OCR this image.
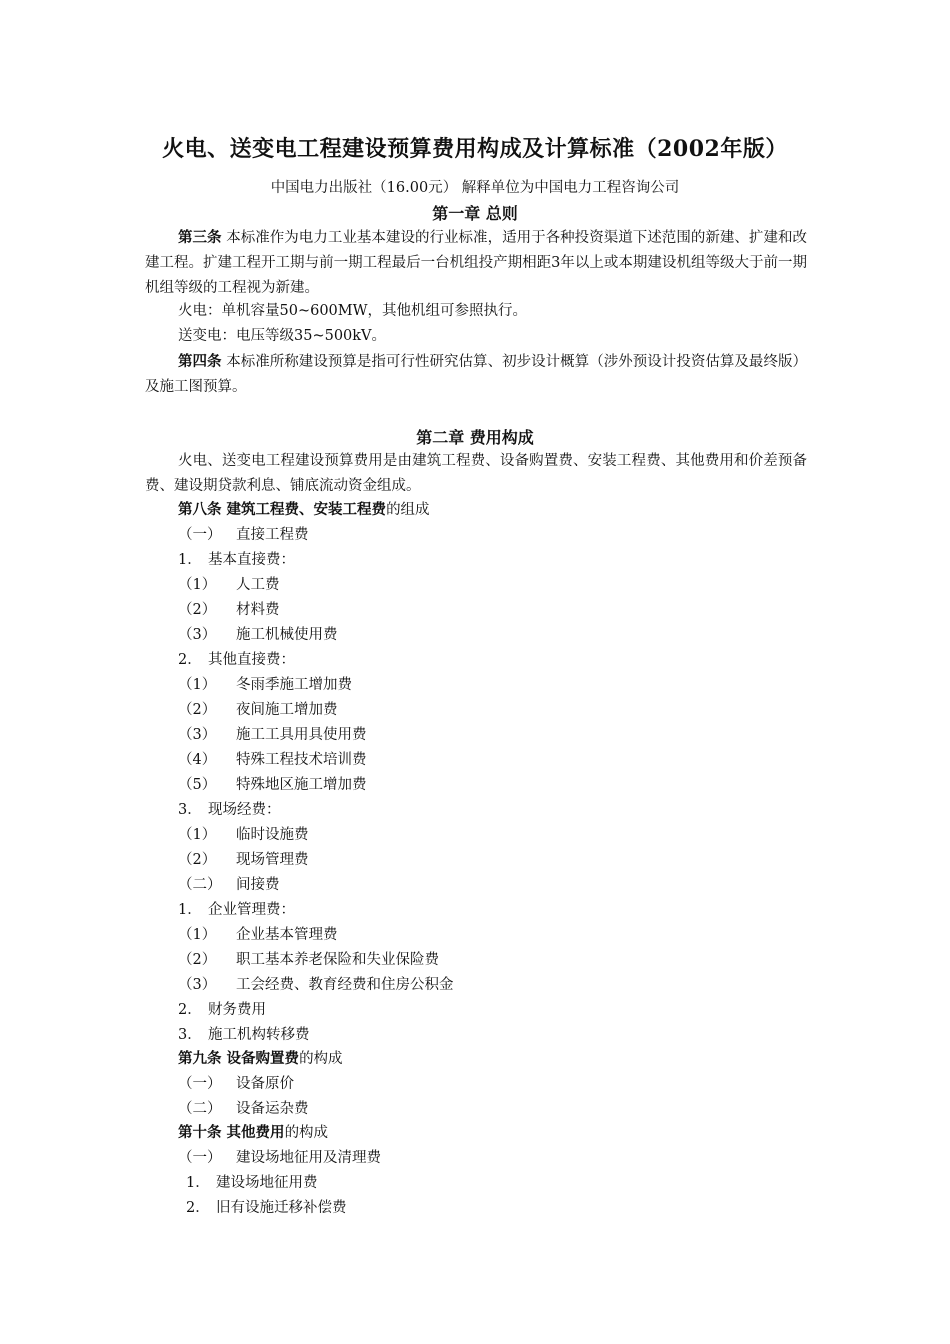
火电、送变电工程建设预算费用构成及计算标准（2002年版）
中国电力出版社（16.00元） 解释单位为中国电力工程咨询公司
第一章 总则
第三条 本标准作为电力工业基本建设的行业标准，适用于各种投资渠道下述范围的新建、扩建和改建工程。扩建工程开工期与前一期工程最后一台机组投产期相距3年以上或本期建设机组等级大于前一期机组等级的工程视为新建。
火电：单机容量50~600MW，其他机组可参照执行。
送变电：电压等级35~500kV。
第四条 本标准所称建设预算是指可行性研究估算、初步设计概算（涉外预设计投资估算及最终版）及施工图预算。
第二章 费用构成
火电、送变电工程建设预算费用是由建筑工程费、设备购置费、安装工程费、其他费用和价差预备费、建设期贷款利息、铺底流动资金组成。
第八条 建筑工程费、安装工程费的组成
（一） 直接工程费
1． 基本直接费：
（1） 人工费
（2） 材料费
（3） 施工机械使用费
2． 其他直接费：
（1） 冬雨季施工增加费
（2） 夜间施工增加费
（3） 施工工具用具使用费
（4） 特殊工程技术培训费
（5） 特殊地区施工增加费
3． 现场经费：
（1） 临时设施费
（2） 现场管理费
（二） 间接费
1． 企业管理费：
（1） 企业基本管理费
（2） 职工基本养老保险和失业保险费
（3） 工会经费、教育经费和住房公积金
2． 财务费用
3． 施工机构转移费
第九条 设备购置费的构成
（一） 设备原价
（二） 设备运杂费
第十条 其他费用的构成
（一） 建设场地征用及清理费
1． 建设场地征用费
2． 旧有设施迁移补偿费
